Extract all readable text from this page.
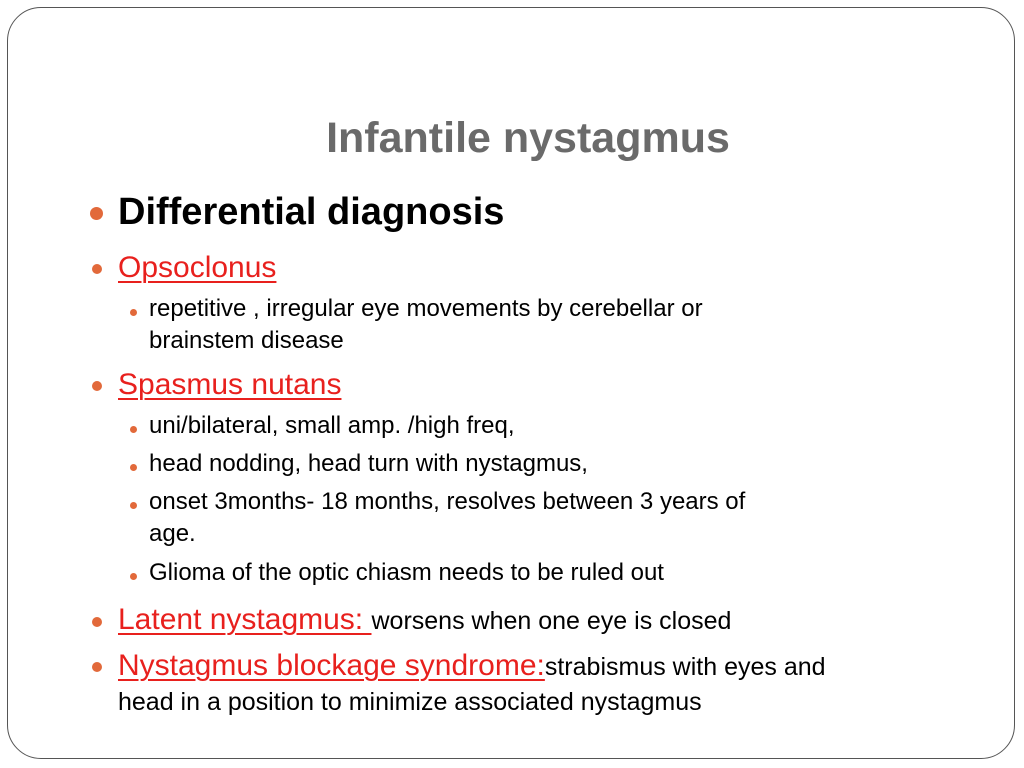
Infantile nystagmus
Differential diagnosis
Opsoclonus
repetitive , irregular eye movements by cerebellar or
brainstem disease
Spasmus nutans
uni/bilateral, small amp. /high freq,
head nodding, head turn with nystagmus,
onset 3months- 18 months, resolves between 3 years of
age.
Glioma of the optic chiasm needs to be ruled out
Latent nystagmus: worsens when one eye is closed
Nystagmus blockage syndrome:strabismus with eyes and
head in a position to minimize associated nystagmus
